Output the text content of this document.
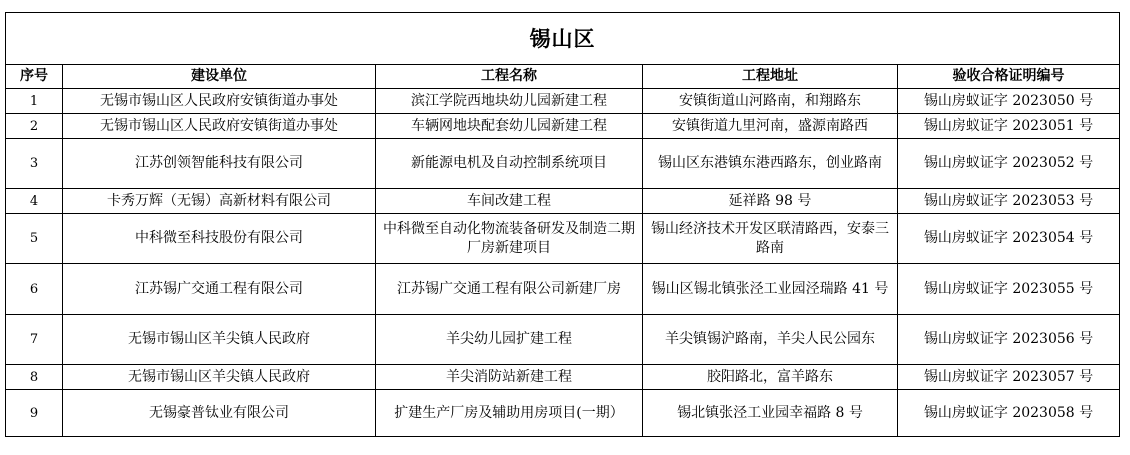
锡山区				
序号	建设单位	工程名称	工程地址	验收合格证明编号
1	无锡市锡山区人民政府安镇街道办事处	滨江学院西地块幼儿园新建工程	安镇街道山河路南，和翔路东	锡山房蚁证字 2023050 号
2	无锡市锡山区人民政府安镇街道办事处	车辆网地块配套幼儿园新建工程	安镇街道九里河南，盛源南路西	锡山房蚁证字 2023051 号
3	江苏创领智能科技有限公司	新能源电机及自动控制系统项目	锡山区东港镇东港西路东，创业路南	锡山房蚁证字 2023052 号
4	卡秀万辉（无锡）高新材料有限公司	车间改建工程	延祥路 98 号	锡山房蚁证字 2023053 号
5	中科微至科技股份有限公司	中科微至自动化物流装备研发及制造二期厂房新建项目	锡山经济技术开发区联清路西，安泰三路南	锡山房蚁证字 2023054 号
6	江苏锡广交通工程有限公司	江苏锡广交通工程有限公司新建厂房	锡山区锡北镇张泾工业园泾瑞路 41 号	锡山房蚁证字 2023055 号
7	无锡市锡山区羊尖镇人民政府	羊尖幼儿园扩建工程	羊尖镇锡沪路南，羊尖人民公园东	锡山房蚁证字 2023056 号
8	无锡市锡山区羊尖镇人民政府	羊尖消防站新建工程	胶阳路北，富羊路东	锡山房蚁证字 2023057 号
9	无锡豪普钛业有限公司	扩建生产厂房及辅助用房项目(一期）	锡北镇张泾工业园幸福路 8 号	锡山房蚁证字 2023058 号
